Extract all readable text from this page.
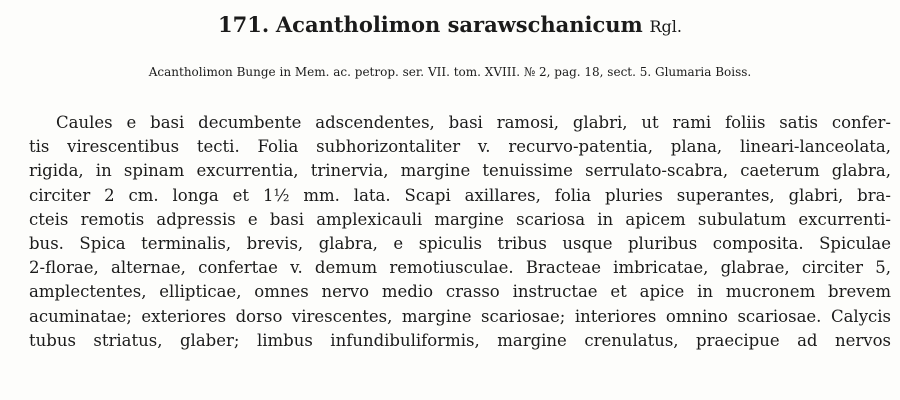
171. Acantholimon sarawschanicum Rgl.
Acantholimon Bunge in Mem. ac. petrop. ser. VII. tom. XVIII. № 2, pag. 18, sect. 5. Glumaria Boiss.
Caules e basi decumbente adscendentes, basi ramosi, glabri, ut rami foliis satis confer-
tis virescentibus tecti. Folia subhorizontaliter v. recurvo-patentia, plana, lineari-lanceolata,
rigida, in spinam excurrentia, trinervia, margine tenuissime serrulato-scabra, caeterum glabra,
circiter 2 cm. longa et 1½ mm. lata. Scapi axillares, folia pluries superantes, glabri, bra-
cteis remotis adpressis e basi amplexicauli margine scariosa in apicem subulatum excurrenti-
bus. Spica terminalis, brevis, glabra, e spiculis tribus usque pluribus composita. Spiculae
2-florae, alternae, confertae v. demum remotiusculae. Bracteae imbricatae, glabrae, circiter 5,
amplectentes, ellipticae, omnes nervo medio crasso instructae et apice in mucronem brevem
acuminatae; exteriores dorso virescentes, margine scariosae; interiores omnino scariosae. Calycis
tubus striatus, glaber; limbus infundibuliformis, margine crenulatus, praecipue ad nervos
